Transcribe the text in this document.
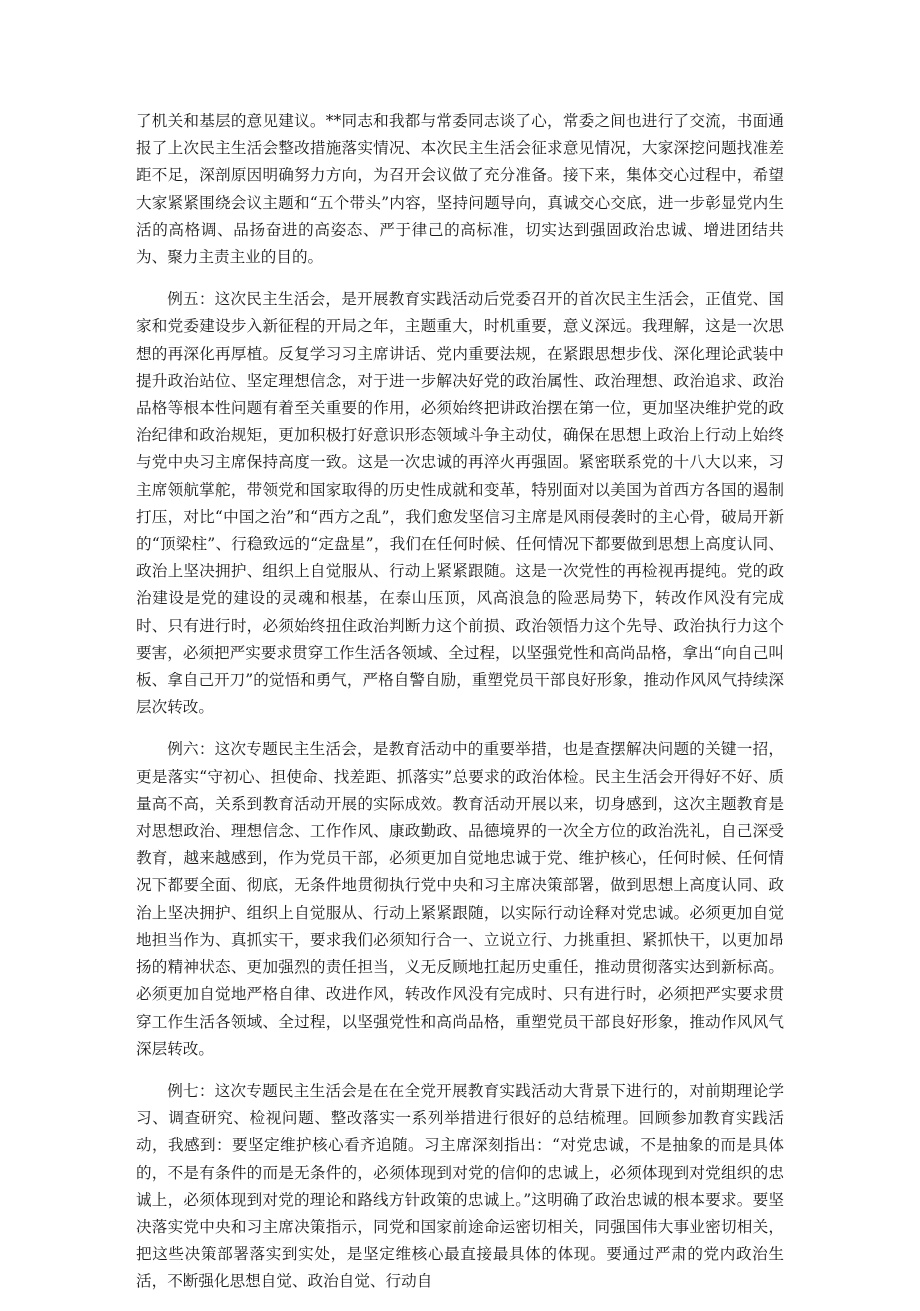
了机关和基层的意见建议。**同志和我都与常委同志谈了心，常委之间也进行了交流，书面通报了上次民主生活会整改措施落实情况、本次民主生活会征求意见情况，大家深挖问题找准差距不足，深剖原因明确努力方向，为召开会议做了充分准备。接下来，集体交心过程中，希望大家紧紧围绕会议主题和“五个带头”内容，坚持问题导向，真诚交心交底，进一步彰显党内生活的高格调、品扬奋进的高姿态、严于律己的高标准，切实达到强固政治忠诚、增进团结共为、聚力主责主业的目的。

例五：这次民主生活会，是开展教育实践活动后党委召开的首次民主生活会，正值党、国家和党委建设步入新征程的开局之年，主题重大，时机重要，意义深远。我理解，这是一次思想的再深化再厚植。反复学习习主席讲话、党内重要法规，在紧跟思想步伐、深化理论武装中提升政治站位、坚定理想信念，对于进一步解决好党的政治属性、政治理想、政治追求、政治品格等根本性问题有着至关重要的作用，必须始终把讲政治摆在第一位，更加坚决维护党的政治纪律和政治规矩，更加积极打好意识形态领域斗争主动仗，确保在思想上政治上行动上始终与党中央习主席保持高度一致。这是一次忠诚的再淬火再强固。紧密联系党的十八大以来，习主席领航掌舵，带领党和国家取得的历史性成就和变革，特别面对以美国为首西方各国的遏制打压，对比“中国之治”和“西方之乱”，我们愈发坚信习主席是风雨侵袭时的主心骨，破局开新的“顶梁柱”、行稳致远的“定盘星”，我们在任何时候、任何情况下都要做到思想上高度认同、政治上坚决拥护、组织上自觉服从、行动上紧紧跟随。这是一次党性的再检视再提纯。党的政治建设是党的建设的灵魂和根基，在泰山压顶，风高浪急的险恶局势下，转改作风没有完成时、只有进行时，必须始终扭住政治判断力这个前损、政治领悟力这个先导、政治执行力这个要害，必须把严实要求贯穿工作生活各领域、全过程，以坚强党性和高尚品格，拿出“向自己叫板、拿自己开刀”的觉悟和勇气，严格自警自励，重塑党员干部良好形象，推动作风风气持续深层次转改。

例六：这次专题民主生活会，是教育活动中的重要举措，也是查摆解决问题的关键一招，更是落实“守初心、担使命、找差距、抓落实”总要求的政治体检。民主生活会开得好不好、质量高不高，关系到教育活动开展的实际成效。教育活动开展以来，切身感到，这次主题教育是对思想政治、理想信念、工作作风、康政勤政、品德境界的一次全方位的政治洗礼，自己深受教育，越来越感到，作为党员干部，必须更加自觉地忠诚于党、维护核心，任何时候、任何情况下都要全面、彻底，无条件地贯彻执行党中央和习主席决策部署，做到思想上高度认同、政治上坚决拥护、组织上自觉服从、行动上紧紧跟随，以实际行动诠释对党忠诚。必须更加自觉地担当作为、真抓实干，要求我们必须知行合一、立说立行、力挑重担、紧抓快干，以更加昂扬的精神状态、更加强烈的责任担当，义无反顾地扛起历史重任，推动贯彻落实达到新标高。必须更加自觉地严格自律、改进作风，转改作风没有完成时、只有进行时，必须把严实要求贯穿工作生活各领域、全过程，以坚强党性和高尚品格，重塑党员干部良好形象，推动作风风气深层转改。

例七：这次专题民主生活会是在在全党开展教育实践活动大背景下进行的，对前期理论学习、调查研究、检视问题、整改落实一系列举措进行很好的总结梳理。回顾参加教育实践活动，我感到：要坚定维护核心看齐追随。习主席深刻指出：“对党忠诚，不是抽象的而是具体的，不是有条件的而是无条件的，必须体现到对党的信仰的忠诚上，必须体现到对党组织的忠诚上，必须体现到对党的理论和路线方针政策的忠诚上。”这明确了政治忠诚的根本要求。要坚决落实党中央和习主席决策指示，同党和国家前途命运密切相关，同强国伟大事业密切相关，把这些决策部署落实到实处，是坚定维核心最直接最具体的体现。要通过严肃的党内政治生活，不断强化思想自觉、政治自觉、行动自
